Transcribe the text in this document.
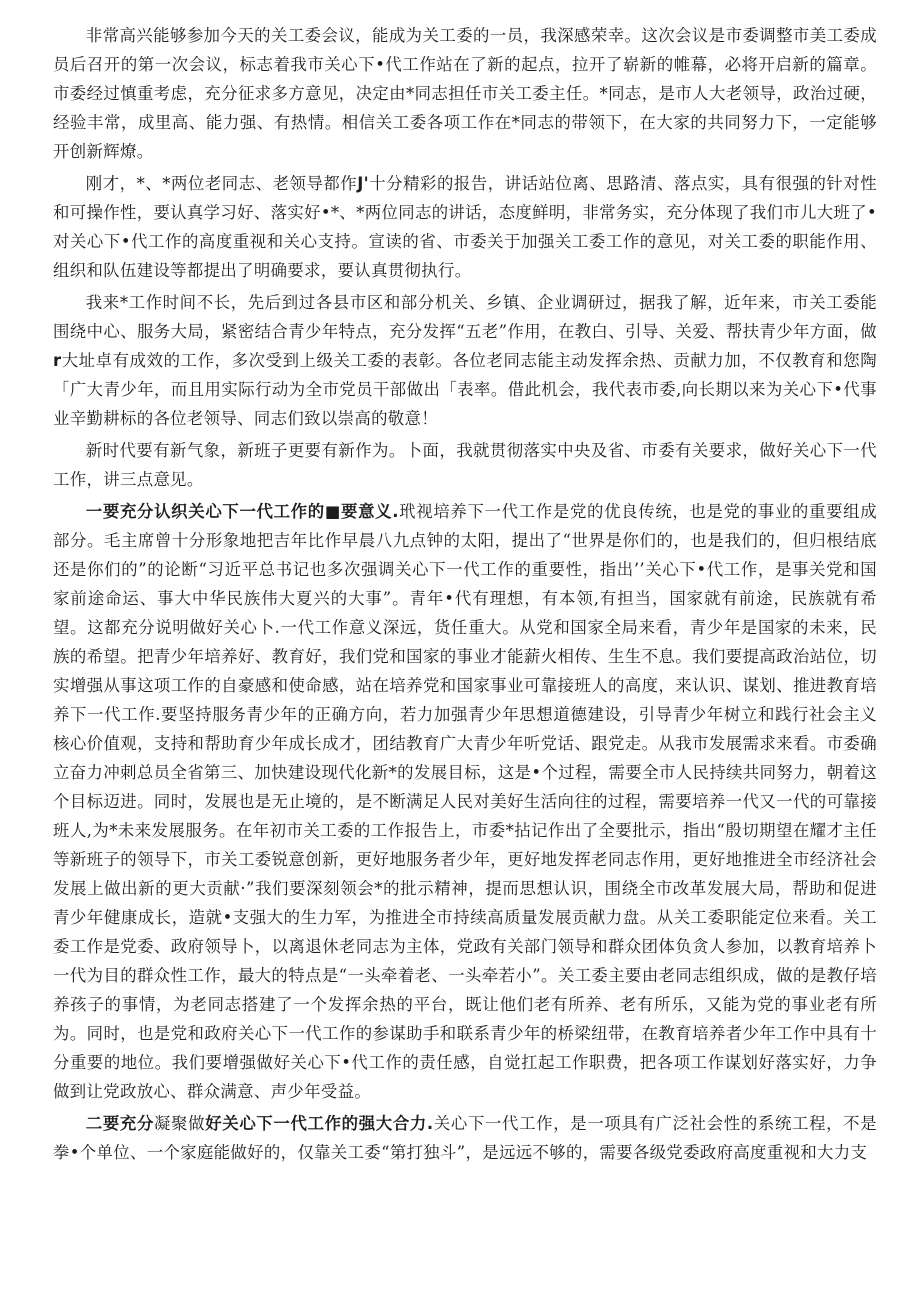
非常高兴能够参加今天的关工委会议，能成为关工委的一员，我深感荣幸。这次会议是市委调整市美工委成员后召开的第一次会议，标志着我市关心下•代工作站在了新的起点，拉开了崭新的帷幕，必将开启新的篇章。市委经过慎重考虑，充分征求多方意见，决定由*同志担任市关工委主任。*同志，是市人大老领导，政治过硬，经验丰常，成里高、能力强、有热情。相信关工委各项工作在*同志的带领下，在大家的共同努力下，一定能够开创新辉燎。

刚才，*、*两位老同志、老领导都作J'十分精彩的报告，讲话站位离、思路清、落点实，具有很强的针对性和可操作性，要认真学习好、落实好•*、*两位同志的讲话，态度鲜明，非常务实，充分体现了我们市儿大班了•对关心下•代工作的高度重视和关心支持。宣读的省、市委关于加强关工委工作的意见，对关工委的职能作用、组织和队伍建设等都提出了明确要求，要认真贯彻执行。

我来*工作时间不长，先后到过各县市区和部分机关、乡镇、企业调研过，据我了解，近年来，市关工委能围绕中心、服务大局，紧密结合青少年特点，充分发挥“五老”作用，在教白、引导、关爱、帮扶青少年方面，做r大址卓有成效的工作，多次受到上级关工委的表彰。各位老同志能主动发挥余热、贡献力加，不仅教育和您陶「广大青少年，而且用实际行动为全市党员干部做出「表率。借此机会，我代表市委,向长期以来为关心下•代事业辛勤耕标的各位老领导、同志们致以崇高的敬意！

新时代要有新气象，新班子更要有新作为。卜面，我就贯彻落实中央及省、市委有关要求，做好关心下一代工作，讲三点意见。

一要充分认织关心下一代工作的■要意义.玳视培养下一代工作是党的优良传统，也是党的事业的重要组成部分。毛主席曾十分形象地把吉年比作早晨八九点钟的太阳，提出了“世界是你们的，也是我们的，但归根结底还是你们的”的论断“习近平总书记也多次强调关心下一代工作的重要性，指出’’关心下•代工作，是事关党和国家前途命运、事大中华民族伟大夏兴的大事”。青年•代有理想，有本领,有担当，国家就有前途，民族就有希望。这都充分说明做好关心卜.一代工作意义深远，货任重大。从党和国家全局来看，青少年是国家的未来，民族的希望。把青少年培养好、教育好，我们党和国家的事业才能薪火相传、生生不息。我们要提高政治站位，切实增强从事这项工作的自豪感和使命感，站在培养党和国家事业可靠接班人的高度，来认识、谋划、推进教育培养下一代工作.要坚持服务青少年的正确方向，若力加强青少年思想道德建设，引导青少年树立和践行社会主义核心价值观，支持和帮助育少年成长成才，团结教育广大青少年听党话、跟党走。从我市发展需求来看。市委确立奋力冲刺总员全省第三、加快建设现代化新*的发展目标，这是•个过程，需要全市人民持续共同努力，朝着这个目标迈进。同时，发展也是无止境的，是不断满足人民对美好生活向往的过程，需要培养一代又一代的可靠接班人,为*未来发展服务。在年初市关工委的工作报告上，市委*拈记作出了全要批示，指出“殷切期望在耀才主任等新班子的领导下，市关工委锐意创新，更好地服务者少年，更好地发挥老同志作用，更好地推进全市经济社会发展上做出新的更大贡献·”我们要深刻领会*的批示精神，提而思想认识，围绕全市改革发展大局，帮助和促进青少年健康成长，造就•支强大的生力军，为推进全市持续高质量发展贡献力盘。从关工委职能定位来看。关工委工作是党委、政府领导卜，以离退休老同志为主体，党政有关部门领导和群众团体负贪人参加，以教育培养卜一代为目的群众性工作，最大的特点是“一头牵着老、一头牵若小”。关工委主要由老同志组织成，做的是教仔培养孩子的事情，为老同志搭建了一个发挥余热的平台，既让他们老有所养、老有所乐，又能为党的事业老有所为。同时，也是党和政府关心下一代工作的参谋助手和联系青少年的桥梁纽带，在教育培养者少年工作中具有十分重要的地位。我们要增强做好关心下•代工作的责任感，自觉扛起工作职费，把各项工作谋划好落实好，力争做到让党政放心、群众满意、声少年受益。

二要充分凝聚做好关心下一代工作的强大合力.关心下一代工作，是一项具有广泛社会性的系统工程，不是拳•个单位、一个家庭能做好的，仅靠关工委“第打独斗”，是远远不够的，需要各级党委政府高度重视和大力支
